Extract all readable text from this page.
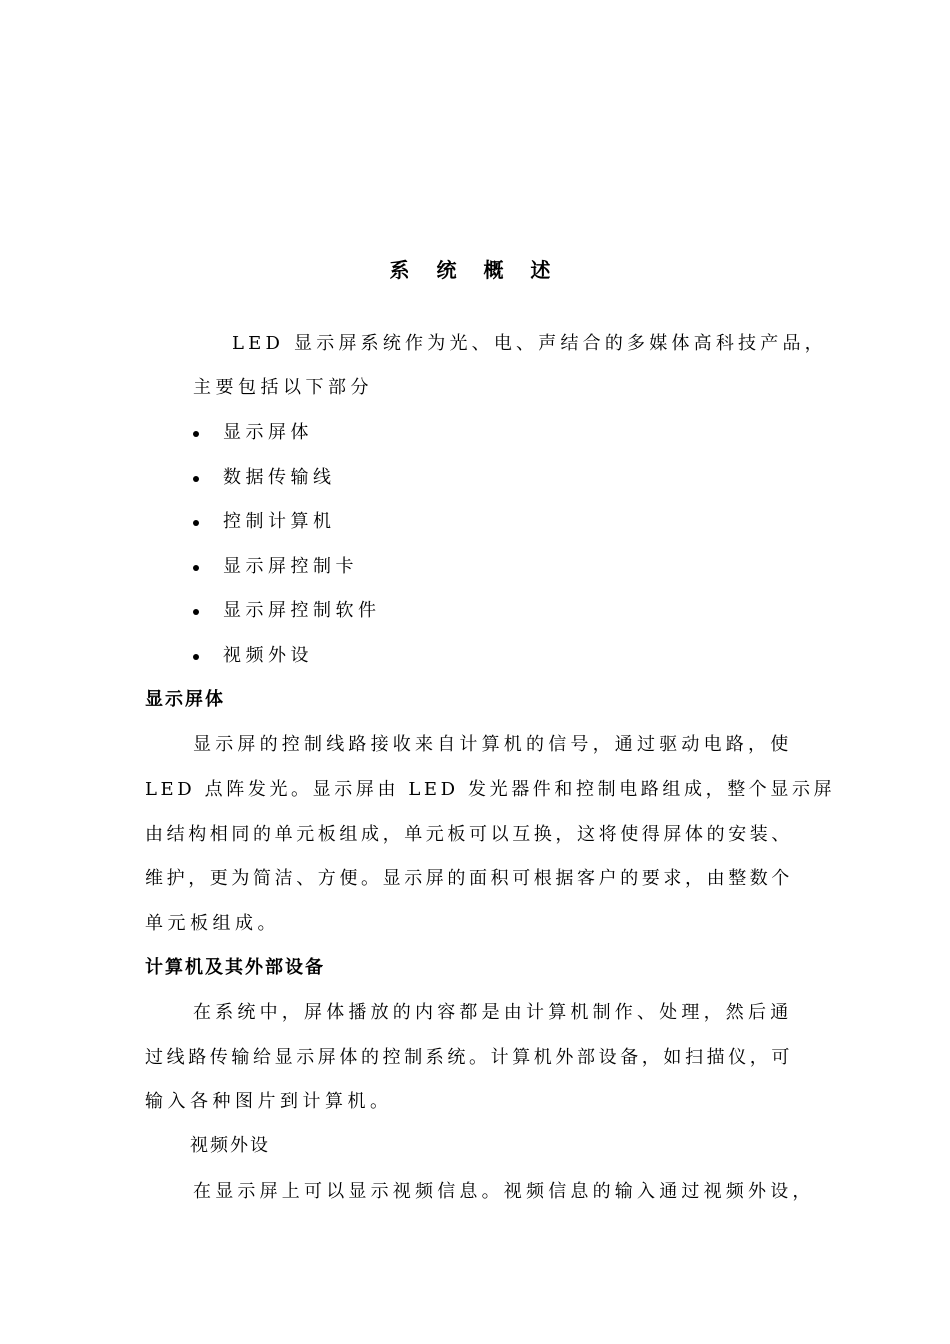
系 统 概 述
LED 显示屏系统作为光、电、声结合的多媒体高科技产品，
主要包括以下部分
显示屏体
数据传输线
控制计算机
显示屏控制卡
显示屏控制软件
视频外设
显示屏体
显示屏的控制线路接收来自计算机的信号，通过驱动电路，使
LED 点阵发光。显示屏由 LED 发光器件和控制电路组成，整个显示屏
由结构相同的单元板组成，单元板可以互换，这将使得屏体的安装、
维护，更为简洁、方便。显示屏的面积可根据客户的要求，由整数个
单元板组成。
计算机及其外部设备
在系统中，屏体播放的内容都是由计算机制作、处理，然后通
过线路传输给显示屏体的控制系统。计算机外部设备，如扫描仪，可
输入各种图片到计算机。
视频外设
在显示屏上可以显示视频信息。视频信息的输入通过视频外设，
